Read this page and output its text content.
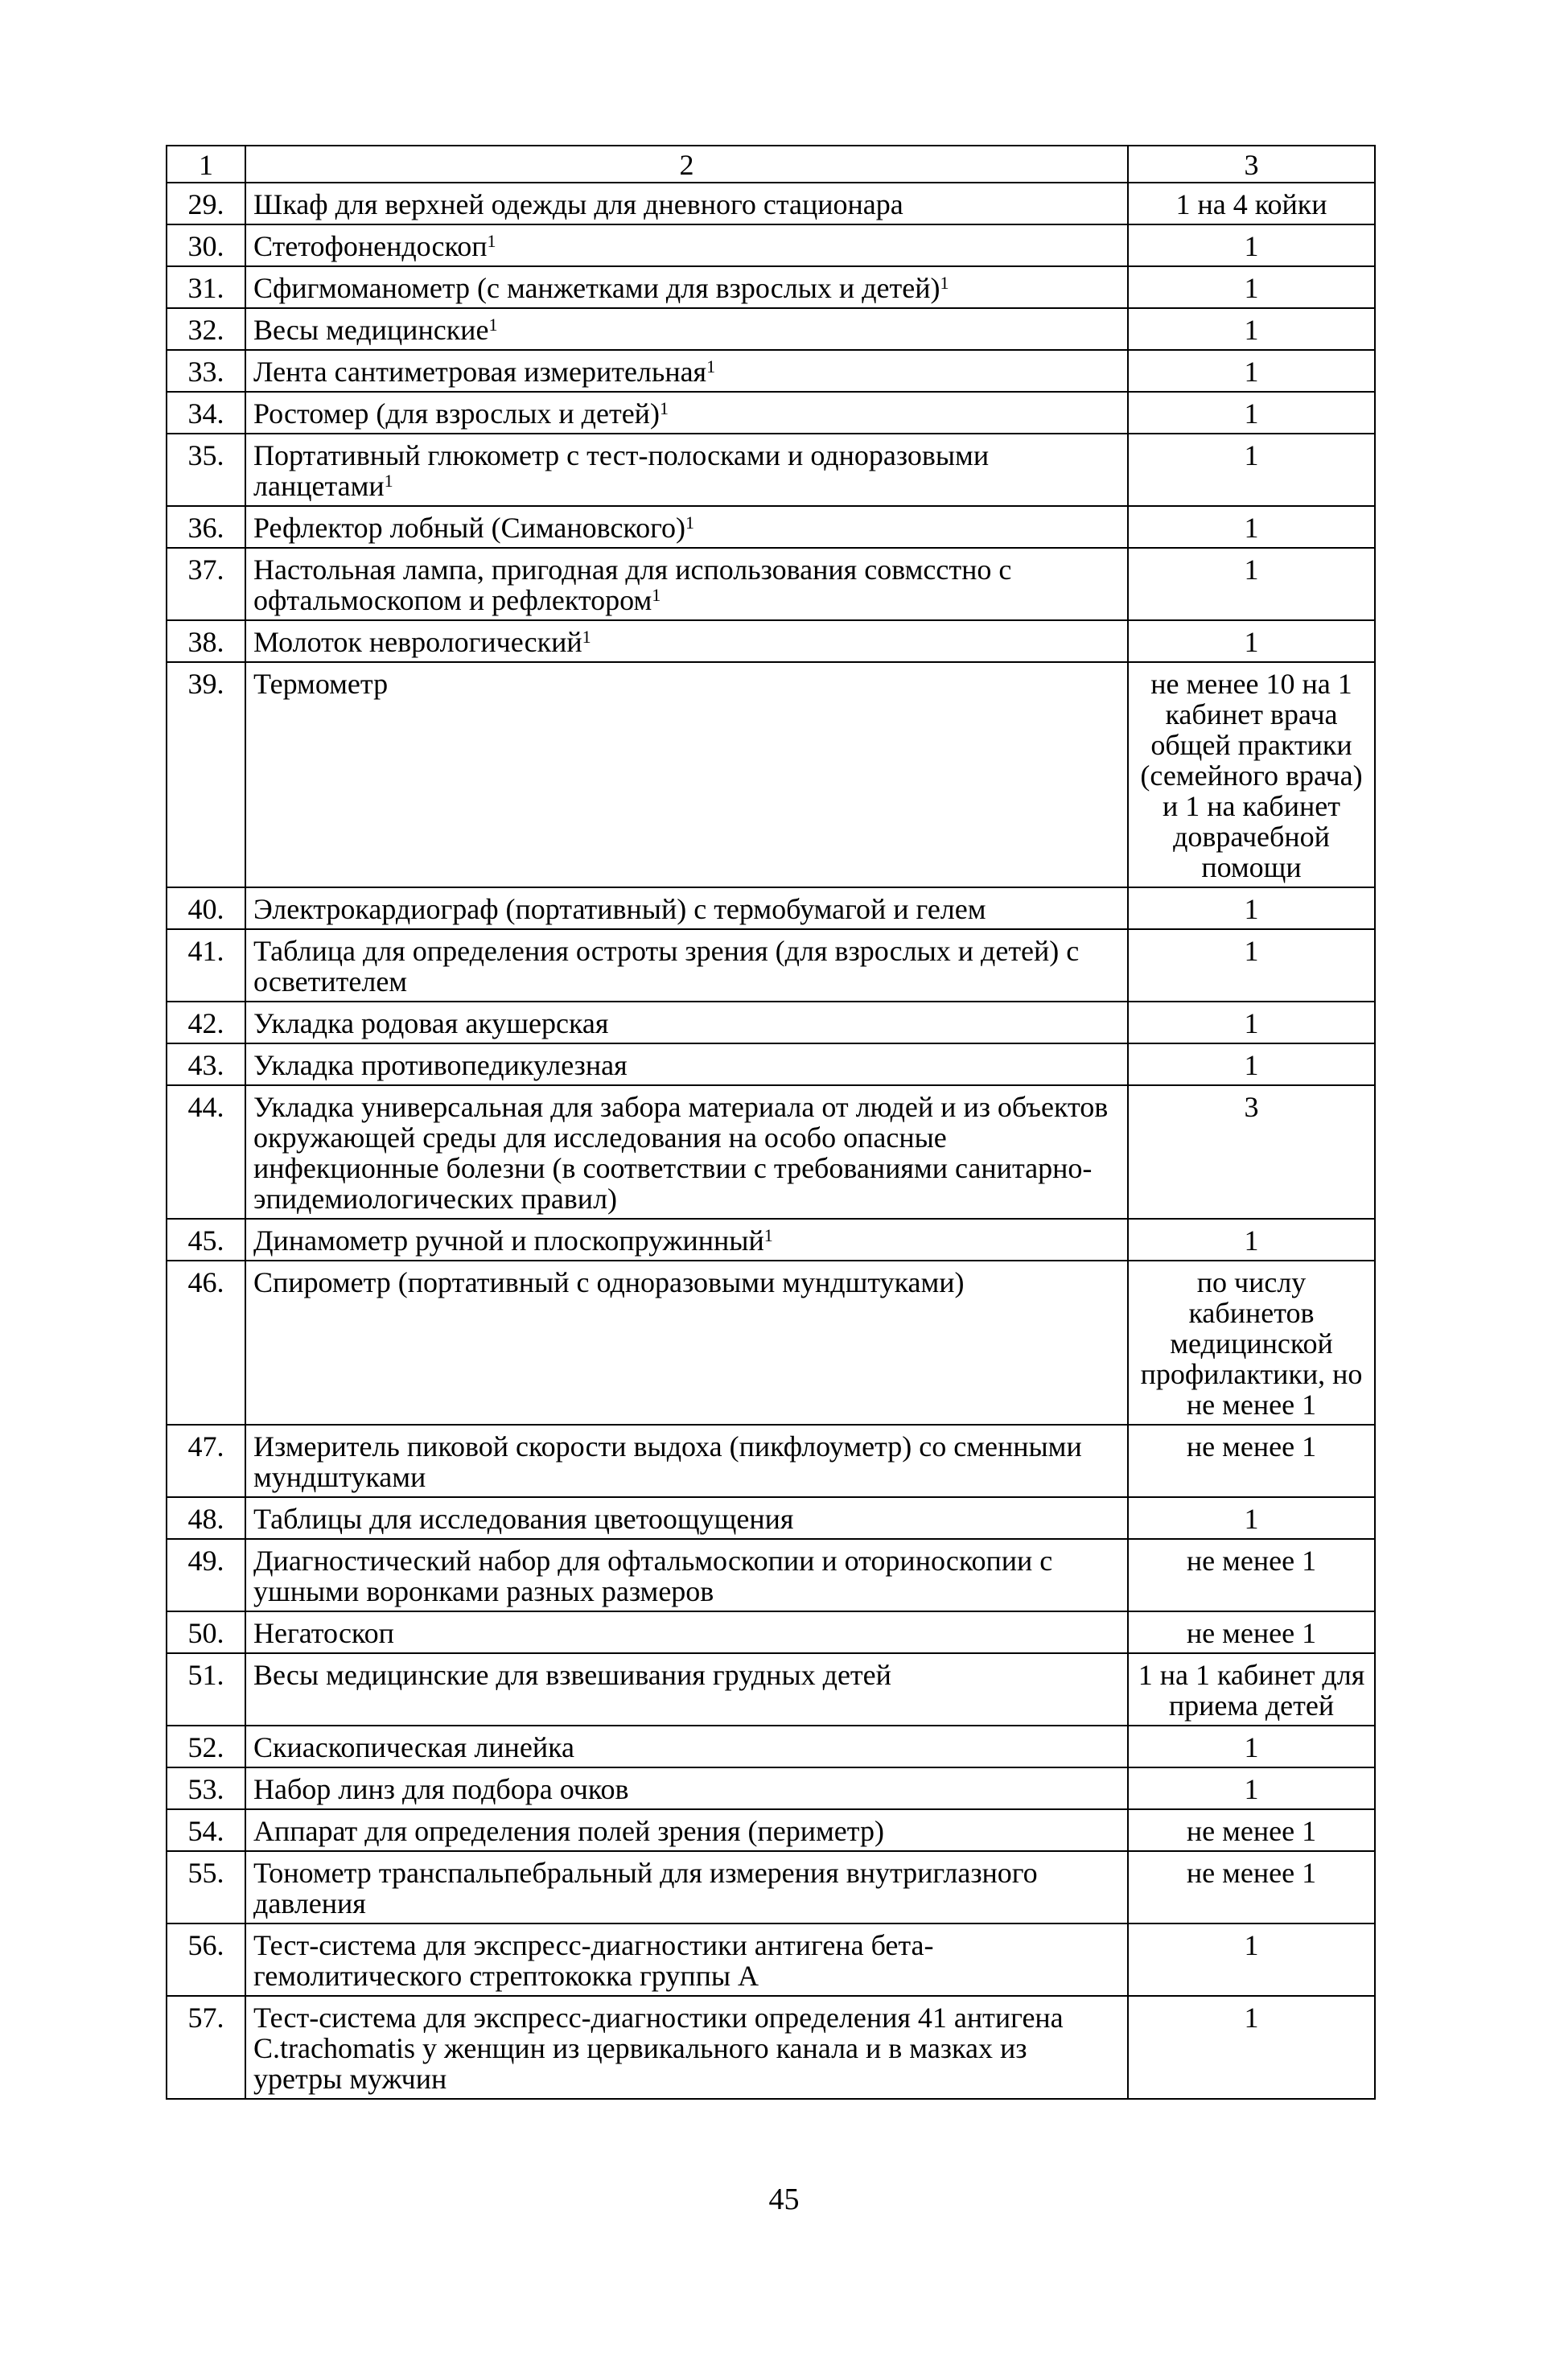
1	2	3
29.	Шкаф для верхней одежды для дневного стационара	1 на 4 койки
30.	Стетофонендоскоп$^1$	1
31.	Сфигмоманометр (с манжетками для взрослых и детей)$^1$	1
32.	Весы медицинские$^1$	1
33.	Лента сантиметровая измерительная$^1$	1
34.	Ростомер (для взрослых и детей)$^1$	1
35.	Портативный глюкометр с тест-полосками и одноразовыми ланцетами$^1$	1
36.	Рефлектор лобный (Симановского)$^1$	1
37.	Настольная лампа, пригодная для использования совмсстно с офтальмоскопом и рефлектором$^1$	1
38.	Молоток неврологический$^1$	1
39.	Термометр	не менее 10 на 1 кабинет врача общей практики (семейного врача) и 1 на кабинет доврачебной помощи
40.	Электрокардиограф (портативный) с термобумагой и гелем	1
41.	Таблица для определения остроты зрения (для взрослых и детей) с осветителем	1
42.	Укладка родовая акушерская	1
43.	Укладка противопедикулезная	1
44.	Укладка универсальная для забора материала от людей и из объектов окружающей среды для исследования на особо опасные инфекционные болезни (в соответствии с требованиями санитарно-эпидемиологических правил)	3
45.	Динамометр ручной и плоскопружинный$^1$	1
46.	Спирометр (портативный с одноразовыми мундштуками)	по числу кабинетов медицинской профилактики, но не менее 1
47.	Измеритель пиковой скорости выдоха (пикфлоуметр) со сменными мундштуками	не менее 1
48.	Таблицы для исследования цветоощущения	1
49.	Диагностический набор для офтальмоскопии и оториноскопии с ушными воронками разных размеров	не менее 1
50.	Негатоскоп	не менее 1
51.	Весы медицинские для взвешивания грудных детей	1 на 1 кабинет для приема детей
52.	Скиаскопическая линейка	1
53.	Набор линз для подбора очков	1
54.	Аппарат для определения полей зрения (периметр)	не менее 1
55.	Тонометр транспальпебральный для измерения внутриглазного давления	не менее 1
56.	Тест-система для экспресс-диагностики антигена бета-гемолитического стрептококка группы А	1
57.	Тест-система для экспресс-диагностики определения 41 антигена C.trachomatis у женщин из цервикального канала и в мазках из уретры мужчин	1
45
